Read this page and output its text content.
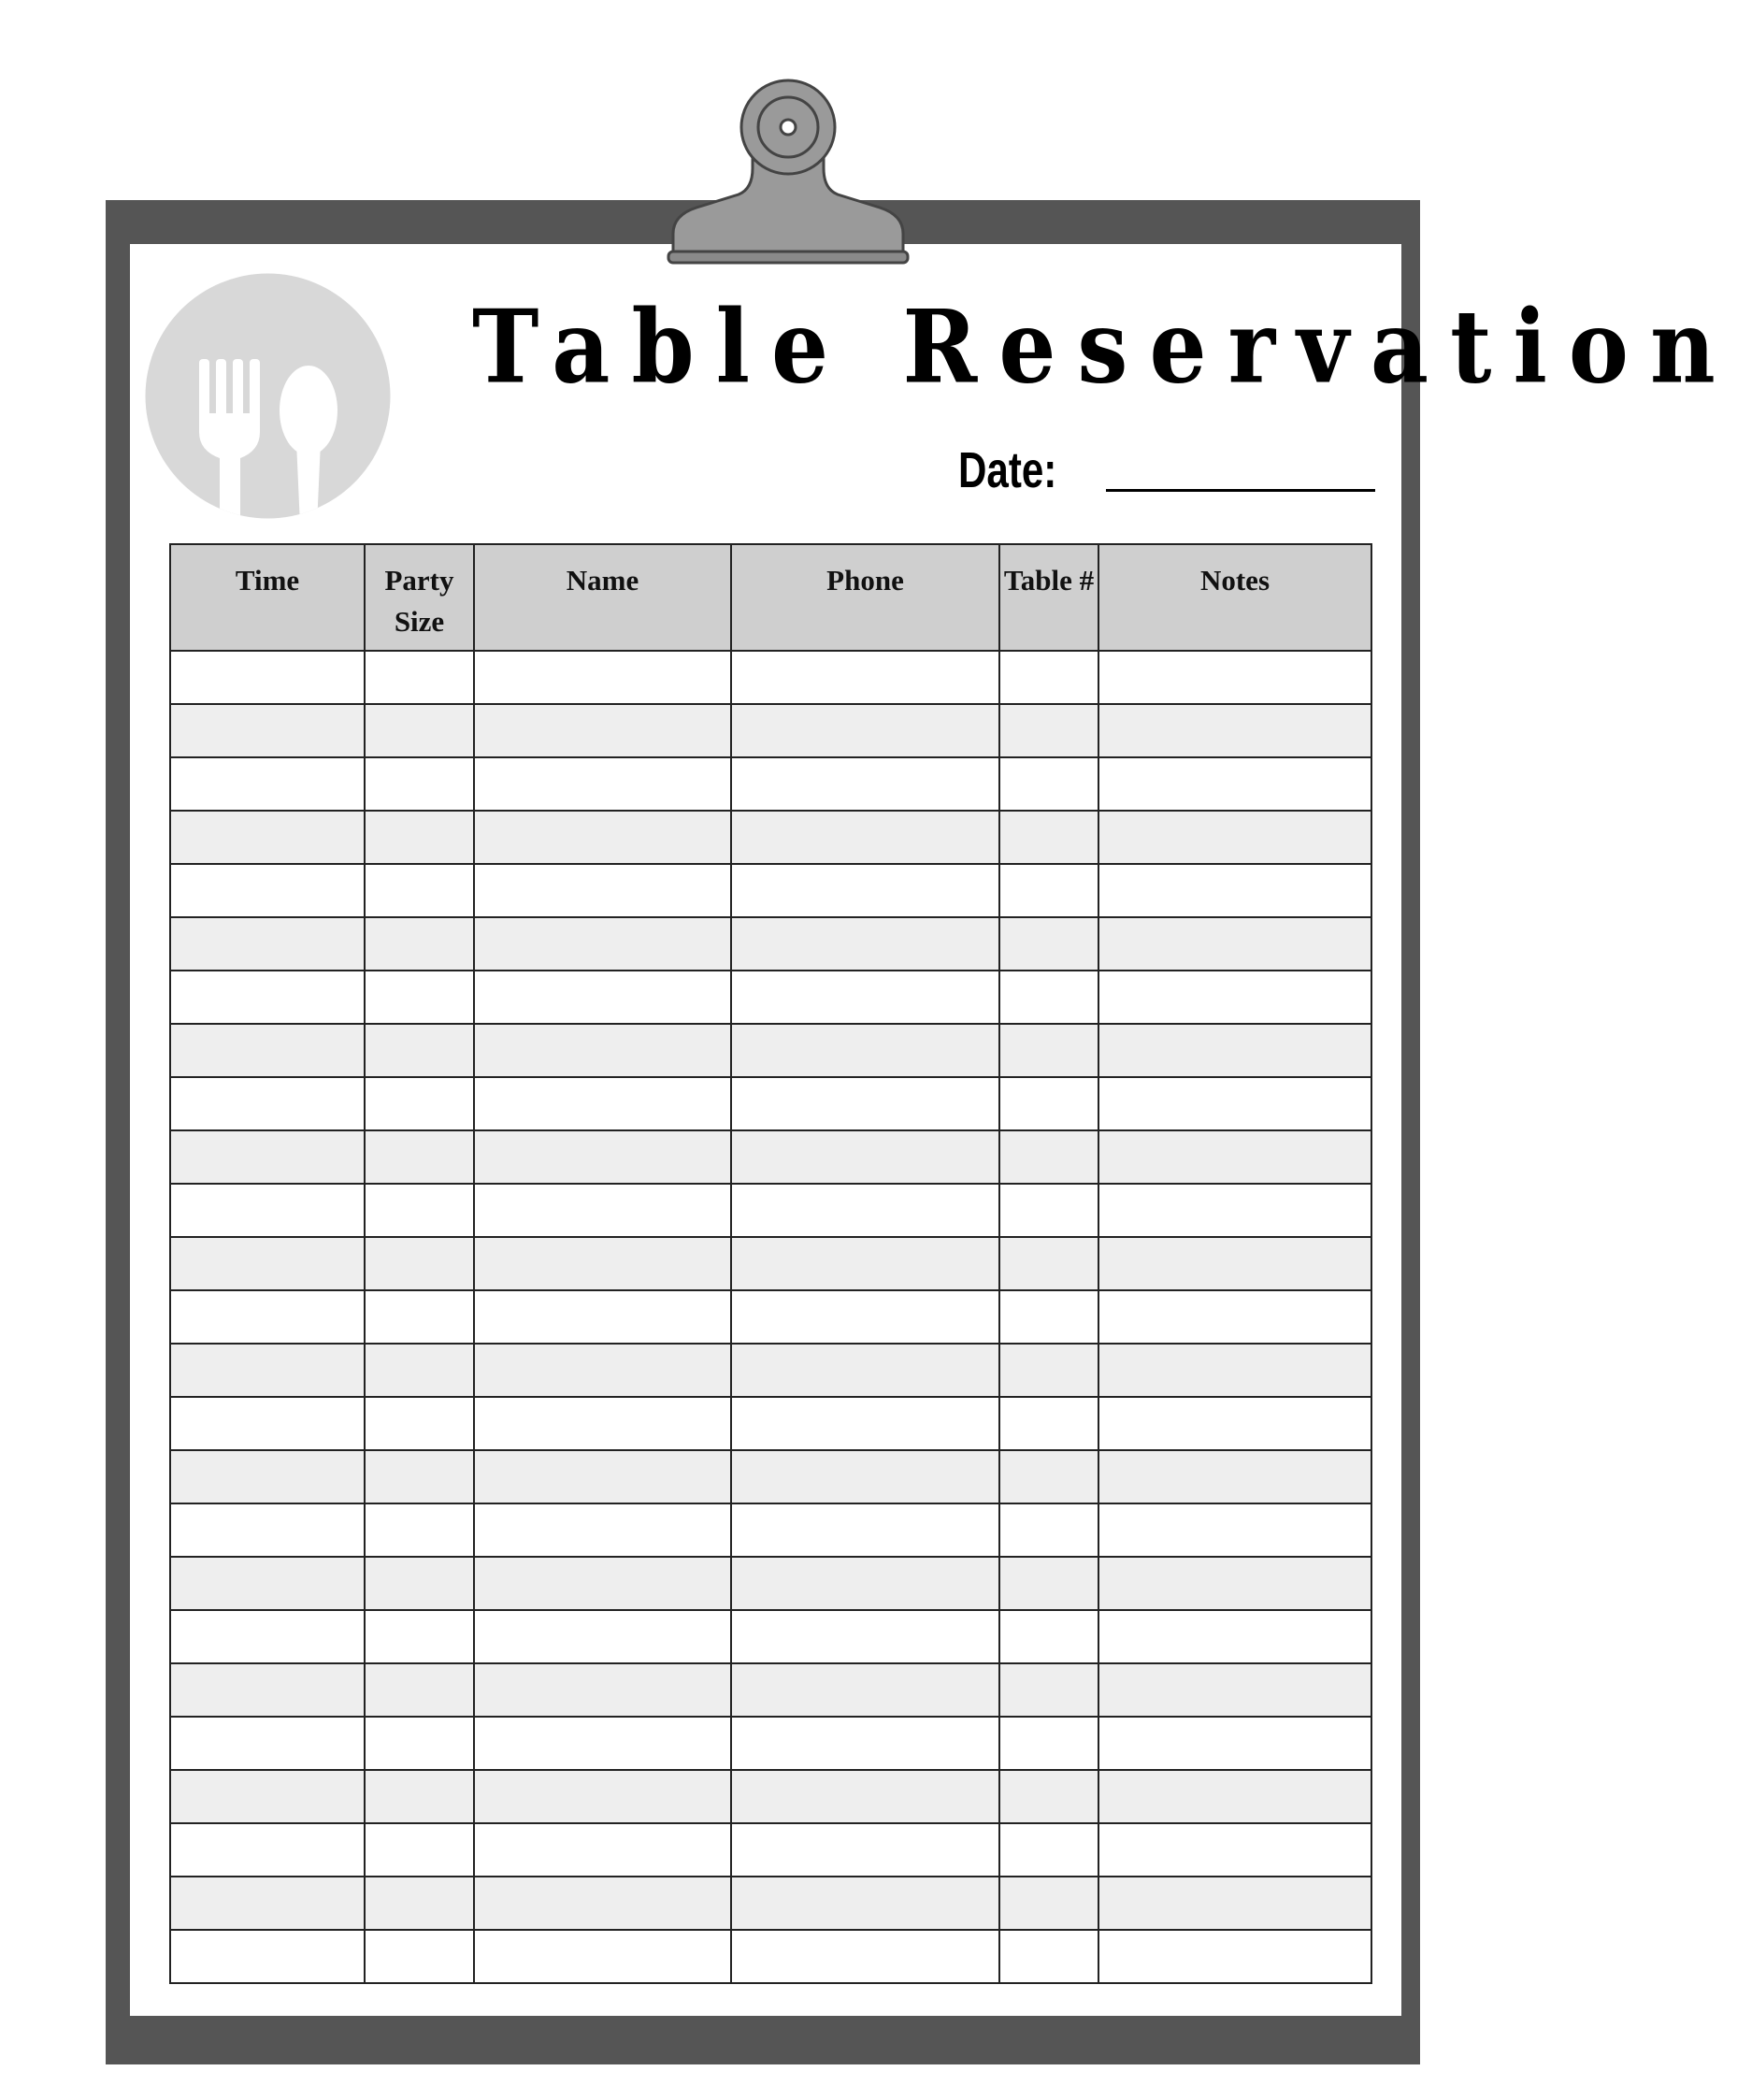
Table Reservation
Date:
Time	Party Size	Name	Phone	Table #	Notes
